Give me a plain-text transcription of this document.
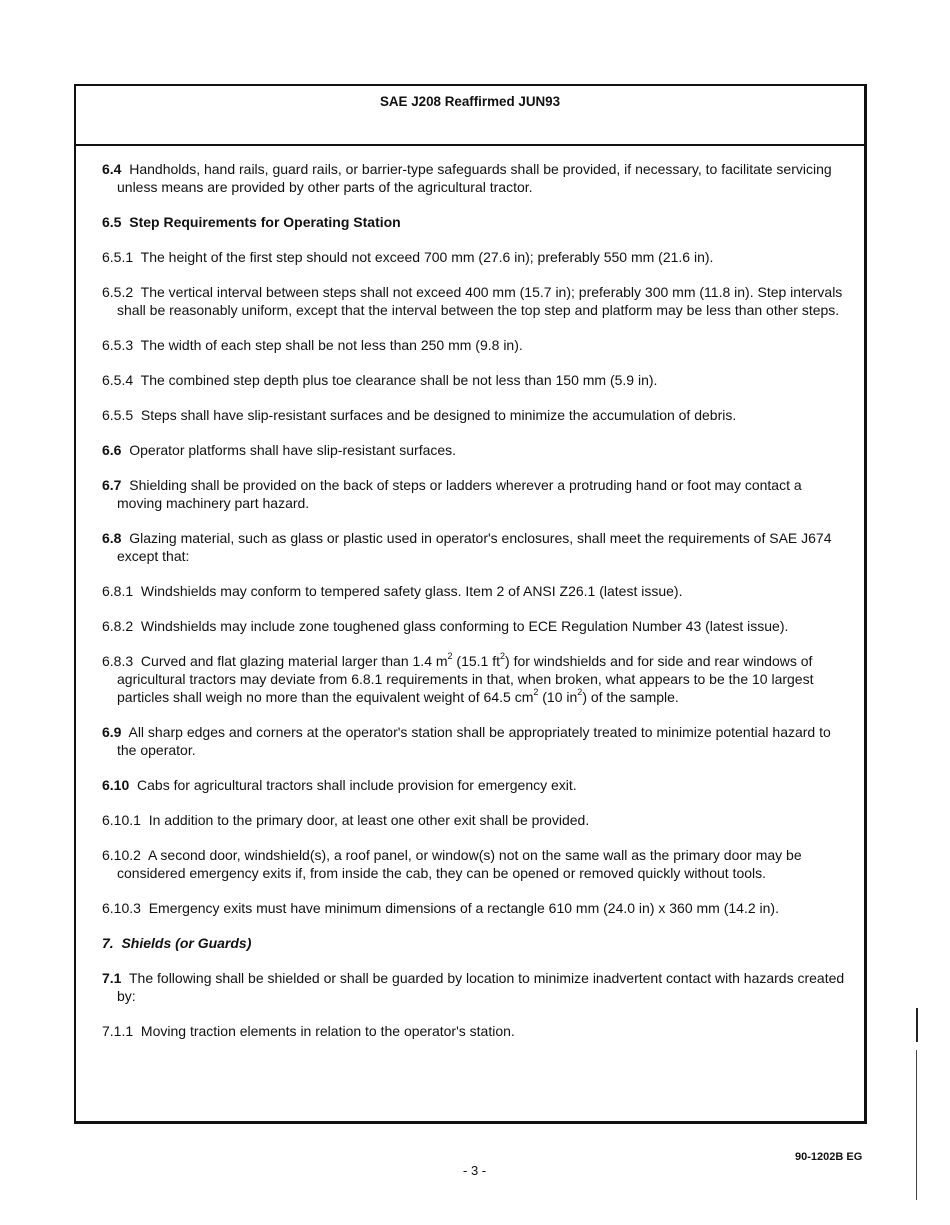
SAE J208 Reaffirmed JUN93

6.4 Handholds, hand rails, guard rails, or barrier-type safeguards shall be provided, if necessary, to facilitate servicing unless means are provided by other parts of the agricultural tractor.

6.5 Step Requirements for Operating Station

6.5.1 The height of the first step should not exceed 700 mm (27.6 in); preferably 550 mm (21.6 in).

6.5.2 The vertical interval between steps shall not exceed 400 mm (15.7 in); preferably 300 mm (11.8 in). Step intervals shall be reasonably uniform, except that the interval between the top step and platform may be less than other steps.

6.5.3 The width of each step shall be not less than 250 mm (9.8 in).

6.5.4 The combined step depth plus toe clearance shall be not less than 150 mm (5.9 in).

6.5.5 Steps shall have slip-resistant surfaces and be designed to minimize the accumulation of debris.

6.6 Operator platforms shall have slip-resistant surfaces.

6.7 Shielding shall be provided on the back of steps or ladders wherever a protruding hand or foot may contact a moving machinery part hazard.

6.8 Glazing material, such as glass or plastic used in operator's enclosures, shall meet the requirements of SAE J674 except that:

6.8.1 Windshields may conform to tempered safety glass. Item 2 of ANSI Z26.1 (latest issue).

6.8.2 Windshields may include zone toughened glass conforming to ECE Regulation Number 43 (latest issue).

6.8.3 Curved and flat glazing material larger than 1.4 $m^2$ (15.1 $ft^2$) for windshields and for side and rear windows of agricultural tractors may deviate from 6.8.1 requirements in that, when broken, what appears to be the 10 largest particles shall weigh no more than the equivalent weight of 64.5 $cm^2$ (10 $in^2$) of the sample.

6.9 All sharp edges and corners at the operator's station shall be appropriately treated to minimize potential hazard to the operator.

6.10 Cabs for agricultural tractors shall include provision for emergency exit.

6.10.1 In addition to the primary door, at least one other exit shall be provided.

6.10.2 A second door, windshield(s), a roof panel, or window(s) not on the same wall as the primary door may be considered emergency exits if, from inside the cab, they can be opened or removed quickly without tools.

6.10.3 Emergency exits must have minimum dimensions of a rectangle 610 mm (24.0 in) x 360 mm (14.2 in).

7. Shields (or Guards)

7.1 The following shall be shielded or shall be guarded by location to minimize inadvertent contact with hazards created by:

7.1.1 Moving traction elements in relation to the operator's station.

90-1202B EG
- 3 -
